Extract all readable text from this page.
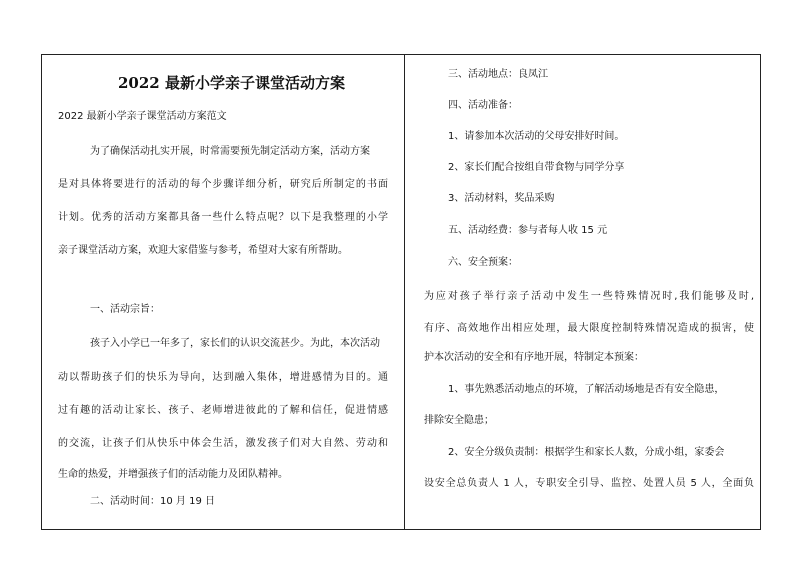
2022 最新小学亲子课堂活动方案
2022 最新小学亲子课堂活动方案范文
为了确保活动扎实开展，时常需要预先制定活动方案，活动方案
是对具体将要进行的活动的每个步骤详细分析，研究后所制定的书面
计划。优秀的活动方案都具备一些什么特点呢？以下是我整理的小学
亲子课堂活动方案，欢迎大家借鉴与参考，希望对大家有所帮助。
一、活动宗旨：
孩子入小学已一年多了，家长们的认识交流甚少。为此，本次活动
动以帮助孩子们的快乐为导向，达到融入集体，增进感情为目的。通
过有趣的活动让家长、孩子、老师增进彼此的了解和信任，促进情感
的交流，让孩子们从快乐中体会生活，激发孩子们对大自然、劳动和
生命的热爱，并增强孩子们的活动能力及团队精神。
二、活动时间：10 月 19 日
三、活动地点：良凤江
四、活动准备：
1、请参加本次活动的父母安排好时间。
2、家长们配合按组自带食物与同学分享
3、活动材料，奖品采购
五、活动经费：参与者每人收 15 元
六、安全预案：
为应对孩子举行亲子活动中发生一些特殊情况时,我们能够及时,
有序、高效地作出相应处理，最大限度控制特殊情况造成的损害，使
护本次活动的安全和有序地开展，特制定本预案：
1、事先熟悉活动地点的环境，了解活动场地是否有安全隐患，
排除安全隐患；
2、安全分级负责制：根据学生和家长人数，分成小组，家委会
设安全总负责人 1 人，专职安全引导、监控、处置人员 5 人，全面负
